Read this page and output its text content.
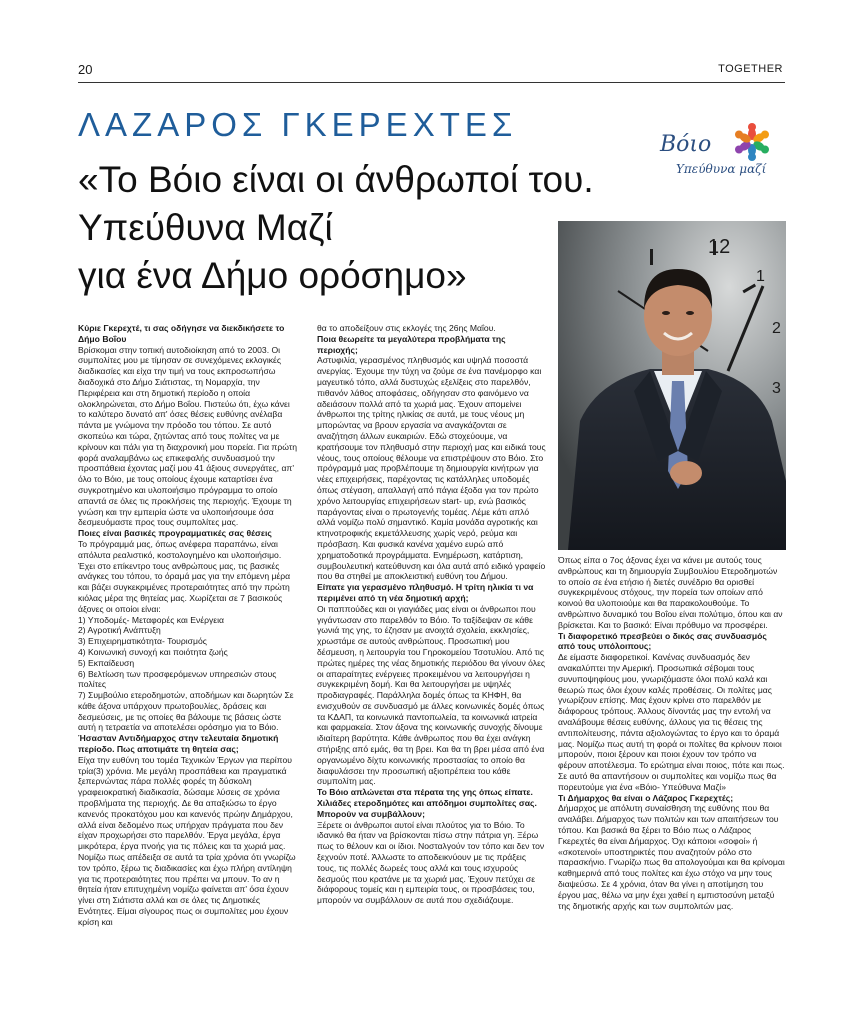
20	TOGETHER
ΛΑΖΑΡΟΣ ΓΚΕΡΕΧΤΕΣ
«Το Βόιο είναι οι άνθρωποί του.
Υπεύθυνα Μαζί
για ένα Δήμο ορόσημο»
Βόιο
Υπεύθυνα μαζί
12
1
2
3

Κύριε Γκερεχτέ, τι σας οδήγησε να διεκδικήσετε το Δήμο Βοΐου

Βρίσκομαι στην τοπική αυτοδιοίκηση από το 2003. Οι συμπολίτες μου με τίμησαν σε συνεχόμενες εκλογικές διαδικασίες και είχα την τιμή να τους εκπροσωπήσω διαδοχικά στο Δήμο Σιάτιστας, τη Νομαρχία, την Περιφέρεια και στη δημοτική περίοδο η οποία ολοκληρώνεται, στο Δήμο Βοΐου. Πιστεύω ότι, έχω κάνει το καλύτερο δυνατό απ' όσες θέσεις ευθύνης ανέλαβα πάντα με γνώμονα την πρόοδο του τόπου. Σε αυτό σκοπεύω και τώρα, ζητώντας από τους πολίτες να με κρίνουν και πάλι για τη διαχρονική μου πορεία. Για πρώτη φορά αναλαμβάνω ως επικεφαλής συνδυασμού την προσπάθεια έχοντας μαζί μου 41 άξιους συνεργάτες, απ' όλο το Βόιο, με τους οποίους έχουμε καταρτίσει ένα συγκροτημένο και υλοποιήσιμο πρόγραμμα το οποίο απαντά σε όλες τις προκλήσεις της περιοχής. Έχουμε τη γνώση και την εμπειρία ώστε να υλοποιήσουμε όσα δεσμευόμαστε προς τους συμπολίτες μας.

Ποιες είναι βασικές προγραμματικές σας θέσεις

Το πρόγραμμά μας, όπως ανέφερα παραπάνω, είναι απόλυτα ρεαλιστικό, κοστολογημένο και υλοποιήσιμο. Έχει στο επίκεντρο τους ανθρώπους μας, τις βασικές ανάγκες του τόπου, το όραμά μας για την επόμενη μέρα και βάζει συγκεκριμένες προτεραιότητες από την πρώτη κιόλας μέρα της θητείας μας. Χωρίζεται σε 7 βασικούς άξονες οι οποίοι είναι:

1) Υποδομές- Μεταφορές και Ενέργεια

2) Αγροτική Ανάπτυξη

3) Επιχειρηματικότητα- Τουρισμός

4) Κοινωνική συνοχή και ποιότητα ζωής

5) Εκπαίδευση

6) Βελτίωση των προσφερόμενων υπηρεσιών στους πολίτες

7) Συμβούλιο ετεροδημοτών, αποδήμων και δωρητών Σε κάθε άξονα υπάρχουν πρωτοβουλίες, δράσεις και δεσμεύσεις, με τις οποίες θα βάλουμε τις βάσεις ώστε αυτή η τετραετία να αποτελέσει ορόσημο για το Βόιο.

Ήσασταν Αντιδήμαρχος στην τελευταία δημοτική περίοδο. Πως αποτιμάτε τη θητεία σας;

Είχα την ευθύνη του τομέα Τεχνικών Έργων για περίπου τρία(3) χρόνια. Με μεγάλη προσπάθεια και πραγματικά ξεπερνώντας πάρα πολλές φορές τη δύσκολη γραφειοκρατική διαδικασία, δώσαμε λύσεις σε χρόνια προβλήματα της περιοχής. Δε θα απαξιώσω το έργο κανενός προκατόχου μου και κανενός πρώην Δημάρχου, αλλά είναι δεδομένο πως υπήρχαν πράγματα που δεν είχαν προχωρήσει στο παρελθόν. Έργα μεγάλα, έργα μικρότερα, έργα πνοής για τις πόλεις και τα χωριά μας. Νομίζω πως απέδειξα σε αυτά τα τρία χρόνια ότι γνωρίζω τον τρόπο, ξέρω τις διαδικασίες και έχω πλήρη αντίληψη για τις προτεραιότητες που πρέπει να μπουν. Το αν η θητεία ήταν επιτυχημένη νομίζω φαίνεται απ' όσα έχουν γίνει στη Σιάτιστα αλλά και σε όλες τις Δημοτικές Ενότητες. Είμαι σίγουρος πως οι συμπολίτες μου έχουν κρίση και

θα το αποδείξουν στις εκλογές της 26ης Μαΐου.

Ποια θεωρείτε τα μεγαλύτερα προβλήματα της περιοχής;

Αστυφιλία, γερασμένος πληθυσμός και υψηλά ποσοστά ανεργίας. Έχουμε την τύχη να ζούμε σε ένα πανέμορφο και μαγευτικό τόπο, αλλά δυστυχώς εξελίξεις στο παρελθόν, πιθανόν λάθος αποφάσεις, οδήγησαν στο φαινόμενο να αδειάσουν πολλά από τα χωριά μας. Έχουν απομείνει άνθρωποι της τρίτης ηλικίας σε αυτά, με τους νέους μη μπορώντας να βρουν εργασία να αναγκάζονται σε αναζήτηση άλλων ευκαιριών. Εδώ στοχεύουμε, να κρατήσουμε τον πληθυσμό στην περιοχή μας και ειδικά τους νέους, τους οποίους θέλουμε να επιστρέψουν στο Βόιο. Στο πρόγραμμά μας προβλέπουμε τη δημιουργία κινήτρων για νέες επιχειρήσεις, παρέχοντας τις κατάλληλες υποδομές όπως στέγαση, απαλλαγή από πάγια έξοδα για τον πρώτο χρόνο λειτουργίας επιχειρήσεων start- up, ενώ βασικός παράγοντας είναι ο πρωτογενής τομέας. Λέμε κάτι απλό αλλά νομίζω πολύ σημαντικό. Καμία μονάδα αγροτικής και κτηνοτροφικής εκμετάλλευσης χωρίς νερό, ρεύμα και πρόσβαση. Και φυσικά κανένα χαμένο ευρώ από χρηματοδοτικά προγράμματα. Ενημέρωση, κατάρτιση, συμβουλευτική κατεύθυνση και όλα αυτά από ειδικό γραφείο που θα στηθεί με αποκλειστική ευθύνη του Δήμου.

Είπατε για γερασμένο πληθυσμό. Η τρίτη ηλικία τι να περιμένει από τη νέα δημοτική αρχή;

Οι παππούδες και οι γιαγιάδες μας είναι οι άνθρωποι που γιγάντωσαν στο παρελθόν το Βόιο. Το ταξίδεψαν σε κάθε γωνιά της γης, το έζησαν με ανοιχτά σχολεία, εκκλησίες, χρωστάμε σε αυτούς ανθρώπους. Προσωπική μου δέσμευση, η λειτουργία του Γηροκομείου Τσοτυλίου. Από τις πρώτες ημέρες της νέας δημοτικής περιόδου θα γίνουν όλες οι απαραίτητες ενέργειες προκειμένου να λειτουργήσει η συγκεκριμένη δομή. Και θα λειτουργήσει με υψηλές προδιαγραφές. Παράλληλα δομές όπως τα ΚΗΦΗ, θα ενισχυθούν σε συνδυασμό με άλλες κοινωνικές δομές όπως τα ΚΔΑΠ, τα κοινωνικά παντοπωλεία, τα κοινωνικά ιατρεία και φαρμακεία. Στον άξονα της κοινωνικής συνοχής δίνουμε ιδιαίτερη βαρύτητα. Κάθε άνθρωπος που θα έχει ανάγκη στήριξης από εμάς, θα τη βρει. Και θα τη βρει μέσα από ένα οργανωμένο δίχτυ κοινωνικής προστασίας το οποίο θα διαφυλάσσει την προσωπική αξιοπρέπεια του κάθε συμπολίτη μας.

Το Βόιο απλώνεται στα πέρατα της γης όπως είπατε. Χιλιάδες ετεροδημότες και απόδημοι συμπολίτες σας. Μπορούν να συμβάλλουν;

Ξέρετε οι άνθρωποι αυτοί είναι πλούτος για το Βόιο. Το ιδανικό θα ήταν να βρίσκονται πίσω στην πάτρια γη. Ξέρω πως το θέλουν και οι ίδιοι. Νοσταλγούν τον τόπο και δεν τον ξεχνούν ποτέ. Άλλωστε το αποδεικνύουν με τις πράξεις τους, τις πολλές δωρεές τους αλλά και τους ισχυρούς δεσμούς που κρατάνε με τα χωριά μας. Έχουν πετύχει σε διάφορους τομείς και η εμπειρία τους, οι προσβάσεις του, μπορούν να συμβάλλουν σε αυτά που σχεδιάζουμε.

Όπως είπα ο 7ος άξονας έχει να κάνει με αυτούς τους ανθρώπους και τη δημιουργία Συμβουλίου Ετεροδημοτών το οποίο σε ένα ετήσιο ή διετές συνέδριο θα ορισθεί συγκεκριμένους στόχους, την πορεία των οποίων από κοινού θα υλοποιούμε και θα παρακολουθούμε. Το ανθρώπινο δυναμικό του Βοΐου είναι πολύτιμο, όπου και αν βρίσκεται. Και το βασικό: Είναι πρόθυμο να προσφέρει.

Τι διαφορετικό πρεσβεύει ο δικός σας συνδυασμός από τους υπόλοιπους;

Δε είμαστε διαφορετικοί. Κανένας συνδυασμός δεν ανακαλύπτει την Αμερική. Προσωπικά σέβομαι τους συνυποψηφίους μου, γνωριζόμαστε όλοι πολύ καλά και θεωρώ πως όλοι έχουν καλές προθέσεις. Οι πολίτες μας γνωρίζουν επίσης. Μας έχουν κρίνει στο παρελθόν με διάφορους τρόπους. Άλλους δίνοντάς μας την εντολή να αναλάβουμε θέσεις ευθύνης, άλλους για τις θέσεις της αντιπολίτευσης, πάντα αξιολογώντας το έργο και το όραμά μας. Νομίζω πως αυτή τη φορά οι πολίτες θα κρίνουν ποιοι μπορούν, ποιοι ξέρουν και ποιοι έχουν τον τρόπο να φέρουν αποτέλεσμα. Το ερώτημα είναι ποιος, πότε και πως. Σε αυτό θα απαντήσουν οι συμπολίτες και νομίζω πως θα πορευτούμε για ένα «Βόιο- Υπεύθυνα Μαζί»

Τι Δήμαρχος θα είναι ο Λάζαρος Γκερεχτές;

Δήμαρχος με απόλυτη συναίσθηση της ευθύνης που θα αναλάβει. Δήμαρχος των πολιτών και των απαιτήσεων του τόπου. Και βασικά θα ξέρει το Βόιο πως ο Λάζαρος Γκερεχτές θα είναι Δήμαρχος. Όχι κάποιοι «σοφοί» ή «σκοτεινοί» υποστηρικτές που αναζητούν ρόλο στο παρασκήνιο. Γνωρίζω πως θα απολογούμαι και θα κρίνομαι καθημερινά από τους πολίτες και έχω στόχο να μην τους διαψεύσω. Σε 4 χρόνια, όταν θα γίνει η αποτίμηση του έργου μας, θέλω να μην έχει χαθεί η εμπιστοσύνη μεταξύ της δημοτικής αρχής και των συμπολιτών μας.
